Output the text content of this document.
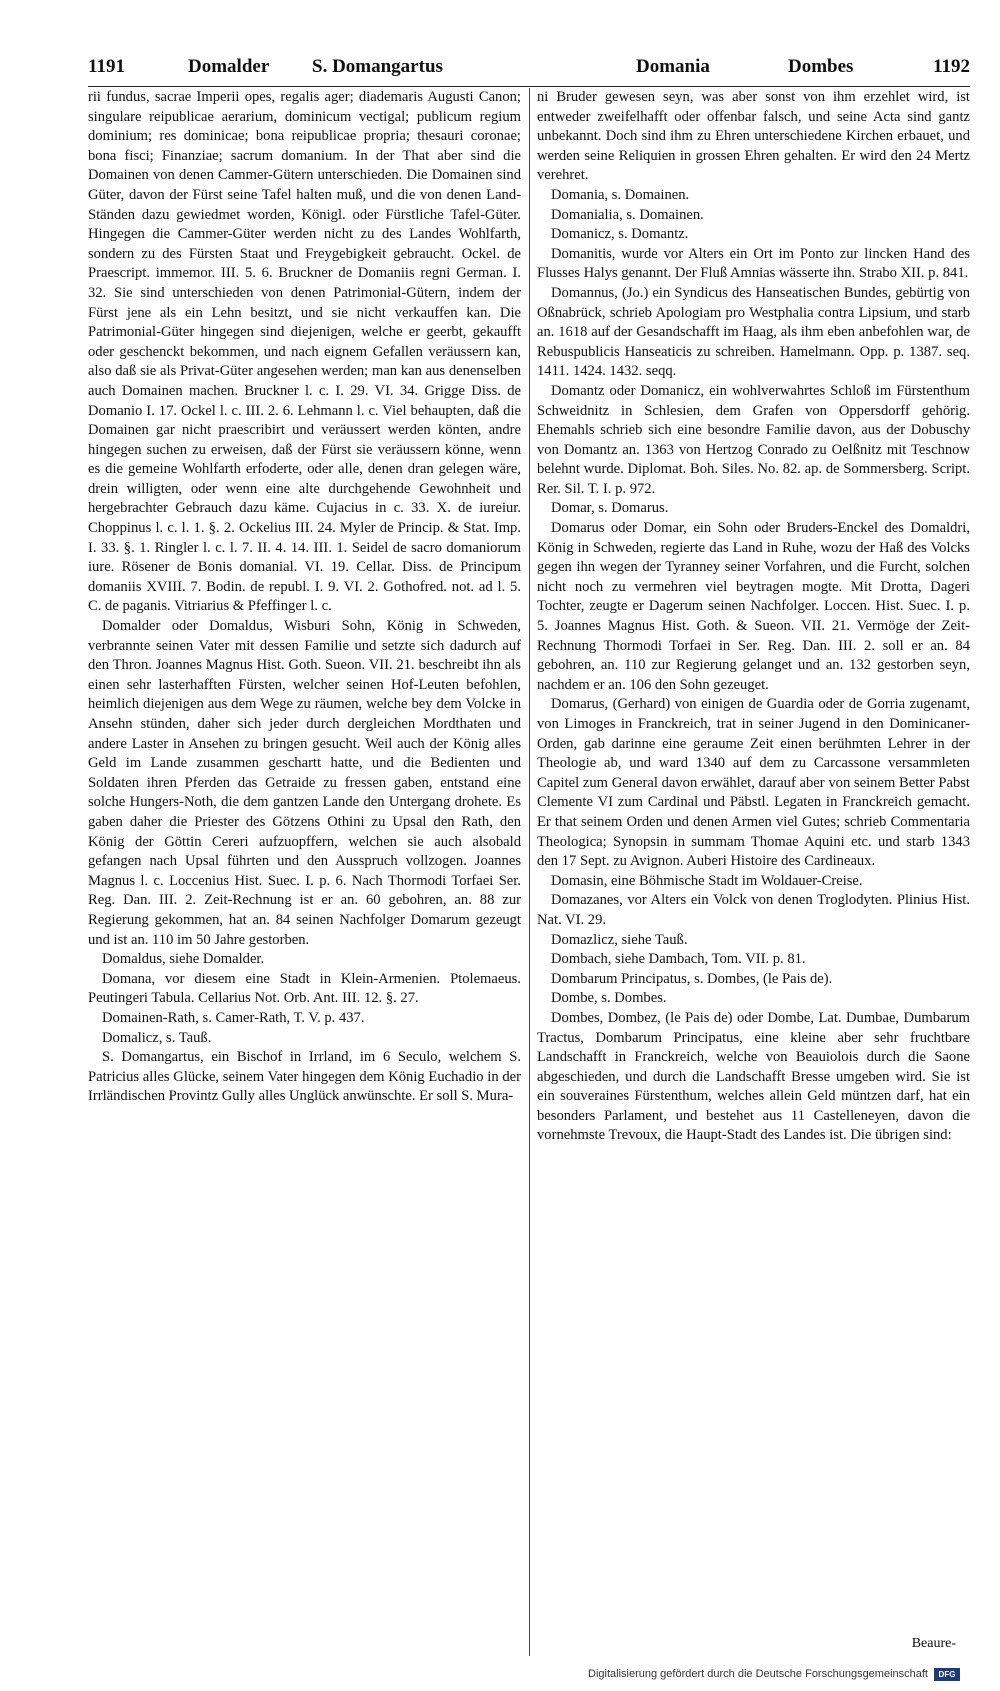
1191	Domalder S. Domangartus	Domania	Dombes	1192

rii fundus, sacrae Imperii opes, regalis ager; diademaris Augusti Canon; singulare reipublicae aerarium, dominicum vectigal; publicum regium dominium; res dominicae; bona reipublicae propria; thesauri coronae; bona fisci; Finanziae; sacrum domanium. In der That aber sind die Domainen von denen Cammer-Gütern unterschieden. Die Domainen sind Güter, davon der Fürst seine Tafel halten muß, und die von denen Land-Ständen dazu gewiedmet worden, Königl. oder Fürstliche Tafel-Güter. Hingegen die Cammer-Güter werden nicht zu des Landes Wohlfarth, sondern zu des Fürsten Staat und Freygebigkeit gebraucht. Ockel. de Praescript. immemor. III. 5. 6. Bruckner de Domaniis regni German. I. 32. Sie sind unterschieden von denen Patrimonial-Gütern, indem der Fürst jene als ein Lehn besitzt, und sie nicht verkauffen kan. Die Patrimonial-Güter hingegen sind diejenigen, welche er geerbt, gekaufft oder geschenckt bekommen, und nach eignem Gefallen veräussern kan, also daß sie als Privat-Güter angesehen werden; man kan aus denenselben auch Domainen machen. Bruckner l. c. I. 29. VI. 34. Grigge Diss. de Domanio I. 17. Ockel l. c. III. 2. 6. Lehmann l. c. Viel behaupten, daß die Domainen gar nicht praescribirt und veräussert werden könten, andre hingegen suchen zu erweisen, daß der Fürst sie veräussern könne, wenn es die gemeine Wohlfarth erfoderte, oder alle, denen dran gelegen wäre, drein willigten, oder wenn eine alte durchgehende Gewohnheit und hergebrachter Gebrauch dazu käme. Cujacius in c. 33. X. de iureiur. Choppinus l. c. l. 1. §. 2. Ockelius III. 24. Myler de Princip. & Stat. Imp. I. 33. §. 1. Ringler l. c. l. 7. II. 4. 14. III. 1. Seidel de sacro domaniorum iure. Rösener de Bonis domanial. VI. 19. Cellar. Diss. de Principum domaniis XVIII. 7. Bodin. de republ. I. 9. VI. 2. Gothofred. not. ad l. 5. C. de paganis. Vitriarius & Pfeffinger l. c.

Domalder oder Domaldus, Wisburi Sohn, König in Schweden, verbrannte seinen Vater mit dessen Familie und setzte sich dadurch auf den Thron. Joannes Magnus Hist. Goth. Sueon. VII. 21. beschreibt ihn als einen sehr lasterhafften Fürsten, welcher seinen Hof-Leuten befohlen, heimlich diejenigen aus dem Wege zu räumen, welche bey dem Volcke in Ansehn stünden, daher sich jeder durch dergleichen Mordthaten und andere Laster in Ansehen zu bringen gesucht. Weil auch der König alles Geld im Lande zusammen geschartt hatte, und die Bedienten und Soldaten ihren Pferden das Getraide zu fressen gaben, entstand eine solche Hungers-Noth, die dem gantzen Lande den Untergang drohete. Es gaben daher die Priester des Götzens Othini zu Upsal den Rath, den König der Göttin Cereri aufzuopffern, welchen sie auch alsobald gefangen nach Upsal führten und den Ausspruch vollzogen. Joannes Magnus l. c. Loccenius Hist. Suec. I. p. 6. Nach Thormodi Torfaei Ser. Reg. Dan. III. 2. Zeit-Rechnung ist er an. 60 gebohren, an. 88 zur Regierung gekommen, hat an. 84 seinen Nachfolger Domarum gezeugt und ist an. 110 im 50 Jahre gestorben.

Domaldus, siehe Domalder.

Domana, vor diesem eine Stadt in Klein-Armenien. Ptolemaeus. Peutingeri Tabula. Cellarius Not. Orb. Ant. III. 12. §. 27.

Domainen-Rath, s. Camer-Rath, T. V. p. 437.

Domalicz, s. Tauß.

S. Domangartus, ein Bischof in Irrland, im 6 Seculo, welchem S. Patricius alles Glücke, seinem Vater hingegen dem König Euchadio in der Irrländischen Provintz Gully alles Unglück anwünschte. Er soll S. Mura-

ni Bruder gewesen seyn, was aber sonst von ihm erzehlet wird, ist entweder zweifelhafft oder offenbar falsch, und seine Acta sind gantz unbekannt. Doch sind ihm zu Ehren unterschiedene Kirchen erbauet, und werden seine Reliquien in grossen Ehren gehalten. Er wird den 24 Mertz verehret.

Domania, s. Domainen.

Domanialia, s. Domainen.

Domanicz, s. Domantz.

Domanitis, wurde vor Alters ein Ort im Ponto zur lincken Hand des Flusses Halys genannt. Der Fluß Amnias wässerte ihn. Strabo XII. p. 841.

Domannus, (Jo.) ein Syndicus des Hanseatischen Bundes, gebürtig von Oßnabrück, schrieb Apologiam pro Westphalia contra Lipsium, und starb an. 1618 auf der Gesandschafft im Haag, als ihm eben anbefohlen war, de Rebuspublicis Hanseaticis zu schreiben. Hamelmann. Opp. p. 1387. seq. 1411. 1424. 1432. seqq.

Domantz oder Domanicz, ein wohlverwahrtes Schloß im Fürstenthum Schweidnitz in Schlesien, dem Grafen von Oppersdorff gehörig. Ehemahls schrieb sich eine besondre Familie davon, aus der Dobuschy von Domantz an. 1363 von Hertzog Conrado zu Oelßnitz mit Teschnow belehnt wurde. Diplomat. Boh. Siles. No. 82. ap. de Sommersberg. Script. Rer. Sil. T. I. p. 972.

Domar, s. Domarus.

Domarus oder Domar, ein Sohn oder Bruders-Enckel des Domaldri, König in Schweden, regierte das Land in Ruhe, wozu der Haß des Volcks gegen ihn wegen der Tyranney seiner Vorfahren, und die Furcht, solchen nicht noch zu vermehren viel beytragen mogte. Mit Drotta, Dageri Tochter, zeugte er Dagerum seinen Nachfolger. Loccen. Hist. Suec. I. p. 5. Joannes Magnus Hist. Goth. & Sueon. VII. 21. Vermöge der Zeit-Rechnung Thormodi Torfaei in Ser. Reg. Dan. III. 2. soll er an. 84 gebohren, an. 110 zur Regierung gelanget und an. 132 gestorben seyn, nachdem er an. 106 den Sohn gezeuget.

Domarus, (Gerhard) von einigen de Guardia oder de Gorria zugenamt, von Limoges in Franckreich, trat in seiner Jugend in den Dominicaner-Orden, gab darinne eine geraume Zeit einen berühmten Lehrer in der Theologie ab, und ward 1340 auf dem zu Carcassone versammleten Capitel zum General davon erwählet, darauf aber von seinem Better Pabst Clemente VI zum Cardinal und Päbstl. Legaten in Franckreich gemacht. Er that seinem Orden und denen Armen viel Gutes; schrieb Commentaria Theologica; Synopsin in summam Thomae Aquini etc. und starb 1343 den 17 Sept. zu Avignon. Auberi Histoire des Cardineaux.

Domasin, eine Böhmische Stadt im Woldauer-Creise.

Domazanes, vor Alters ein Volck von denen Troglodyten. Plinius Hist. Nat. VI. 29.

Domazlicz, siehe Tauß.

Dombach, siehe Dambach, Tom. VII. p. 81.

Dombarum Principatus, s. Dombes, (le Pais de).

Dombe, s. Dombes.

Dombes, Dombez, (le Pais de) oder Dombe, Lat. Dumbae, Dumbarum Tractus, Dombarum Principatus, eine kleine aber sehr fruchtbare Landschafft in Franckreich, welche von Beauiolois durch die Saone abgeschieden, und durch die Landschafft Bresse umgeben wird. Sie ist ein souveraines Fürstenthum, welches allein Geld müntzen darf, hat ein besonders Parlament, und bestehet aus 11 Castelleneyen, davon die vornehmste Trevoux, die Haupt-Stadt des Landes ist. Die übrigen sind:

Beaure-
Digitalisierung gefördert durch die Deutsche Forschungsgemeinschaft	DFG
